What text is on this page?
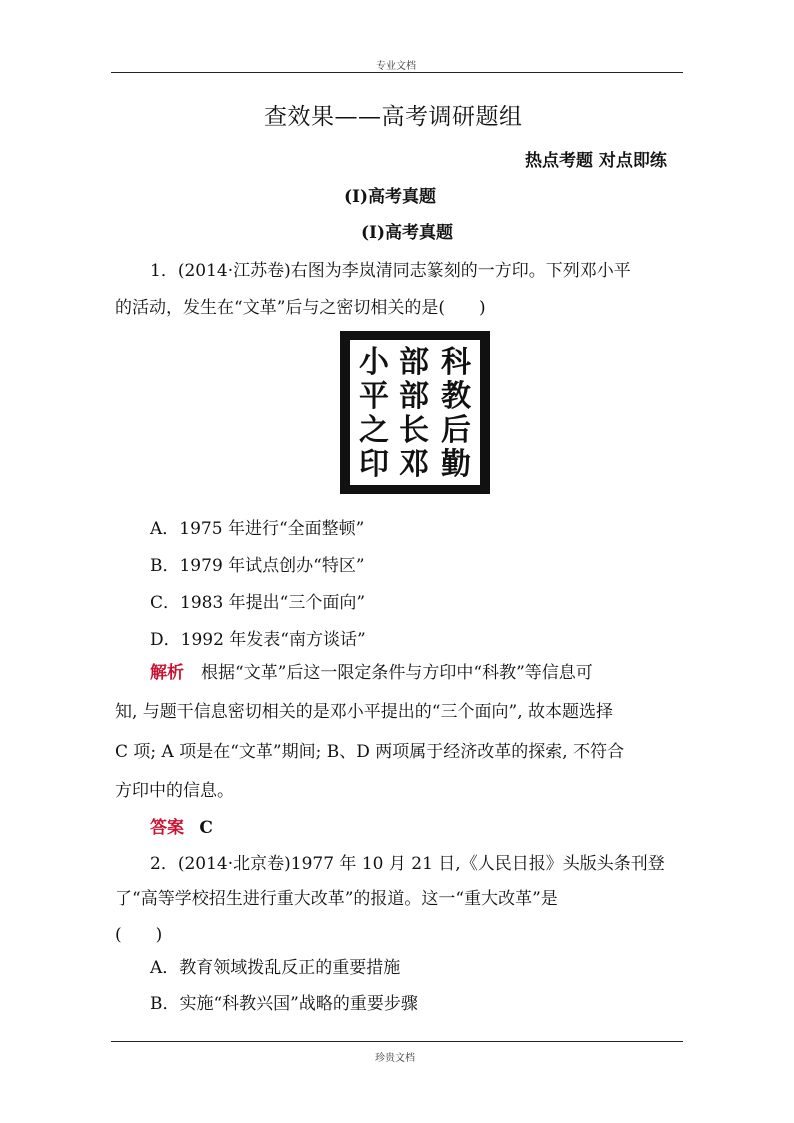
专业文档
查效果——高考调研题组
热点考题 对点即练
(Ⅰ)高考真题
(Ⅰ)高考真题
1．(2014·江苏卷)右图为李岚清同志篆刻的一方印。下列邓小平
的活动，发生在“文革”后与之密切相关的是(　　)
小
平
之
印
部
部
长
邓
科
教
后
勤
A．1975 年进行“全面整顿”
B．1979 年试点创办“特区”
C．1983 年提出“三个面向”
D．1992 年发表“南方谈话”
解析　根据“文革”后这一限定条件与方印中“科教”等信息可
知, 与题干信息密切相关的是邓小平提出的“三个面向”, 故本题选择
C 项; A 项是在“文革”期间; B、D 两项属于经济改革的探索, 不符合
方印中的信息。
答案 C
2．(2014·北京卷)1977 年 10 月 21 日,《人民日报》头版头条刊登
了“高等学校招生进行重大改革”的报道。这一“重大改革”是
(　　)
A．教育领域拨乱反正的重要措施
B．实施“科教兴国”战略的重要步骤
珍贵文档
